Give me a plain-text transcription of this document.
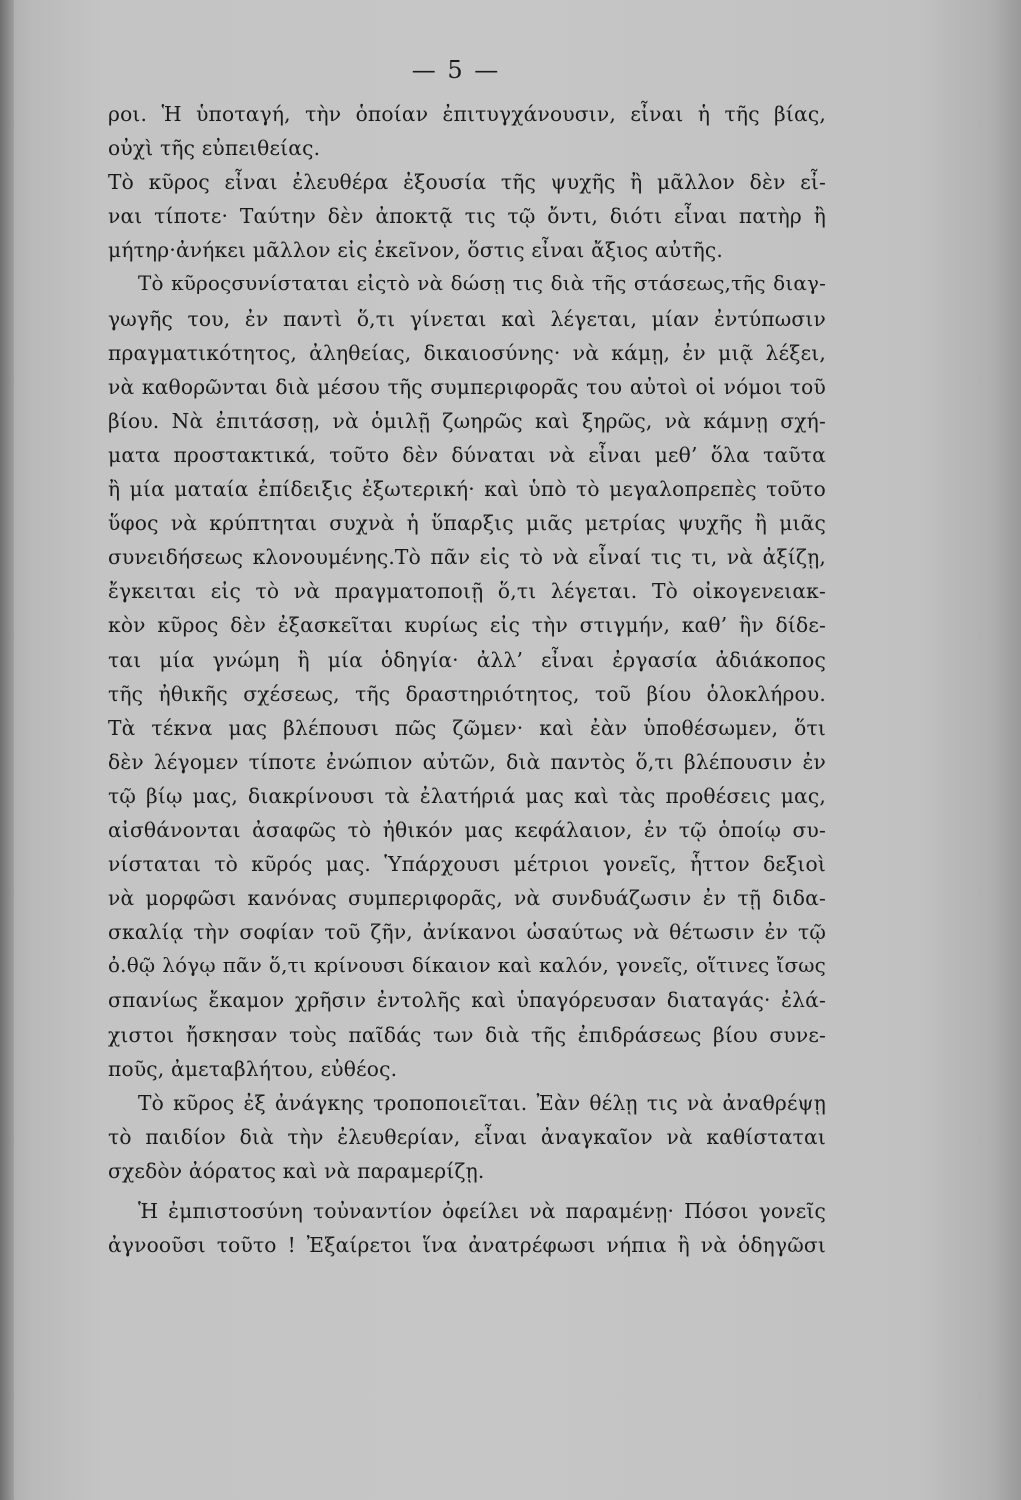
— 5 —
ροι. Ἡ ὑποταγή, τὴν ὁποίαν ἐπιτυγχάνουσιν, εἶναι ἡ τῆς βίας,
οὐχὶ τῆς εὐπειθείας.
Τὸ κῦρος εἶναι ἐλευθέρα ἐξουσία τῆς ψυχῆς ἢ μᾶλλον δὲν εἶ-
ναι τίποτε· Ταύτην δὲν ἀποκτᾷ τις τῷ ὄντι, διότι εἶναι πατὴρ ἢ
μήτηρ·ἀνήκει μᾶλλον εἰς ἐκεῖνον, ὅστις εἶναι ἄξιος αὐτῆς.
Τὸ κῦροςσυνίσταται εἰςτὸ νὰ δώσῃ τις διὰ τῆς στάσεως,τῆς διαγ-
γωγῆς του, ἐν παντὶ ὅ,τι γίνεται καὶ λέγεται, μίαν ἐντύπωσιν
πραγματικότητος, ἀληθείας, δικαιοσύνης· νὰ κάμῃ, ἐν μιᾷ λέξει,
νὰ καθορῶνται διὰ μέσου τῆς συμπεριφορᾶς του αὐτοὶ οἱ νόμοι τοῦ
βίου. Νὰ ἐπιτάσσῃ, νὰ ὁμιλῇ ζωηρῶς καὶ ξηρῶς, νὰ κάμνῃ σχή-
ματα προστακτικά, τοῦτο δὲν δύναται νὰ εἶναι μεθ’ ὅλα ταῦτα
ἢ μία ματαία ἐπίδειξις ἐξωτερική· καὶ ὑπὸ τὸ μεγαλοπρεπὲς τοῦτο
ὕφος νὰ κρύπτηται συχνὰ ἡ ὕπαρξις μιᾶς μετρίας ψυχῆς ἢ μιᾶς
συνειδήσεως κλονουμένης.Τὸ πᾶν εἰς τὸ νὰ εἶναί τις τι, νὰ ἀξίζῃ,
ἔγκειται εἰς τὸ νὰ πραγματοποιῇ ὅ,τι λέγεται. Τὸ οἰκογενειακ-
κὸν κῦρος δὲν ἐξασκεῖται κυρίως εἰς τὴν στιγμήν, καθ’ ἣν δίδε-
ται μία γνώμη ἢ μία ὁδηγία· ἀλλ’ εἶναι ἐργασία ἀδιάκοπος
τῆς ἠθικῆς σχέσεως, τῆς δραστηριότητος, τοῦ βίου ὁλοκλήρου.
Τὰ τέκνα μας βλέπουσι πῶς ζῶμεν· καὶ ἐὰν ὑποθέσωμεν, ὅτι
δὲν λέγομεν τίποτε ἐνώπιον αὐτῶν, διὰ παντὸς ὅ,τι βλέπουσιν ἐν
τῷ βίῳ μας, διακρίνουσι τὰ ἐλατήριά μας καὶ τὰς προθέσεις μας,
αἰσθάνονται ἀσαφῶς τὸ ἠθικόν μας κεφάλαιον, ἐν τῷ ὁποίῳ συ-
νίσταται τὸ κῦρός μας. Ὑπάρχουσι μέτριοι γονεῖς, ἧττον δεξιοὶ
νὰ μορφῶσι κανόνας συμπεριφορᾶς, νὰ συνδυάζωσιν ἐν τῇ διδα-
σκαλίᾳ τὴν σοφίαν τοῦ ζῆν, ἀνίκανοι ὡσαύτως νὰ θέτωσιν ἐν τῷ
ὀ.θῷ λόγῳ πᾶν ὅ,τι κρίνουσι δίκαιον καὶ καλόν, γονεῖς, οἵτινες ἴσως
σπανίως ἔκαμον χρῆσιν ἐντολῆς καὶ ὑπαγόρευσαν διαταγάς· ἐλά-
χιστοι ἤσκησαν τοὺς παῖδάς των διὰ τῆς ἐπιδράσεως βίου συνε-
ποῦς, ἀμεταβλήτου, εὐθέος.
Τὸ κῦρος ἐξ ἀνάγκης τροποποιεῖται. Ἐὰν θέλῃ τις νὰ ἀναθρέψῃ
τὸ παιδίον διὰ τὴν ἐλευθερίαν, εἶναι ἀναγκαῖον νὰ καθίσταται
σχεδὸν ἀόρατος καὶ νὰ παραμερίζῃ.
Ἡ ἐμπιστοσύνη τοὐναντίον ὀφείλει νὰ παραμένῃ· Πόσοι γονεῖς
ἀγνοοῦσι τοῦτο ! Ἐξαίρετοι ἵνα ἀνατρέφωσι νήπια ἢ νὰ ὁδηγῶσι
